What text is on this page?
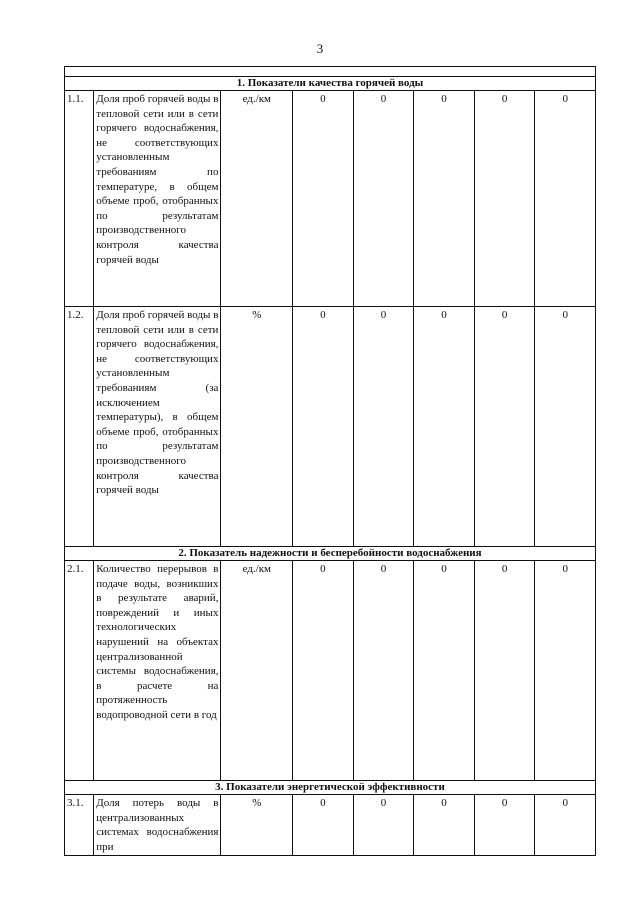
3

1. Показатели качества горячей воды							
1.1.	Доля проб горячей воды в тепловой сети или в сети горячего водоснабжения, не соответствующих установленным требованиям по температуре, в общем объеме проб, отобранных по результатам производственного контроля качества горячей воды	ед./км	0	0	0	0	0
1.2.	Доля проб горячей воды в тепловой сети или в сети горячего водоснабжения, не соответствующих установленным требованиям (за исключением температуры), в общем объеме проб, отобранных по результатам производственного контроля качества горячей воды	%	0	0	0	0	0
2. Показатель надежности и бесперебойности водоснабжения							
2.1.	Количество перерывов в подаче воды, возникших в результате аварий, повреждений и иных технологических нарушений на объектах централизованной системы водоснабжения, в расчете на протяженность водопроводной сети в год	ед./км	0	0	0	0	0
3. Показатели энергетической эффективности							
3.1.	Доля потерь воды в централизованных системах водоснабжения при	%	0	0	0	0	0
